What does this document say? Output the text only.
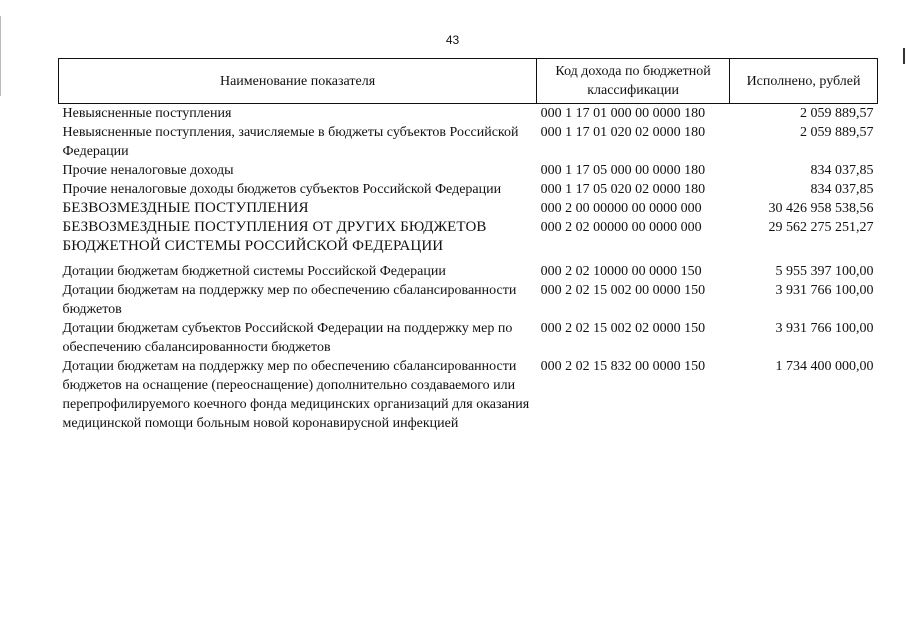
43
Наименование показателя	Код дохода по бюджетной классификации	Исполнено, рублей
Невыясненные поступления	000 1 17 01 000 00 0000 180	2 059 889,57
Невыясненные поступления, зачисляемые в бюджеты субъектов Российской Федерации	000 1 17 01 020 02 0000 180	2 059 889,57
Прочие неналоговые доходы	000 1 17 05 000 00 0000 180	834 037,85
Прочие неналоговые доходы бюджетов субъектов Российской Федерации	000 1 17 05 020 02 0000 180	834 037,85
БЕЗВОЗМЕЗДНЫЕ ПОСТУПЛЕНИЯ	000 2 00 00000 00 0000 000	30 426 958 538,56
БЕЗВОЗМЕЗДНЫЕ ПОСТУПЛЕНИЯ ОТ ДРУГИХ БЮДЖЕТОВ БЮДЖЕТНОЙ СИСТЕМЫ РОССИЙСКОЙ ФЕДЕРАЦИИ	000 2 02 00000 00 0000 000	29 562 275 251,27
Дотации бюджетам бюджетной системы Российской Федерации	000 2 02 10000 00 0000 150	5 955 397 100,00
Дотации бюджетам на поддержку мер по обеспечению сбалансированности бюджетов	000 2 02 15 002 00 0000 150	3 931 766 100,00
Дотации бюджетам субъектов Российской Федерации на поддержку мер по обеспечению сбалансированности бюджетов	000 2 02 15 002 02 0000 150	3 931 766 100,00
Дотации бюджетам на поддержку мер по обеспечению сбалансированности бюджетов на оснащение (переоснащение) дополнительно создаваемого или перепрофилируемого коечного фонда медицинских организаций для оказания медицинской помощи больным новой коронавирусной инфекцией	000 2 02 15 832 00 0000 150	1 734 400 000,00
